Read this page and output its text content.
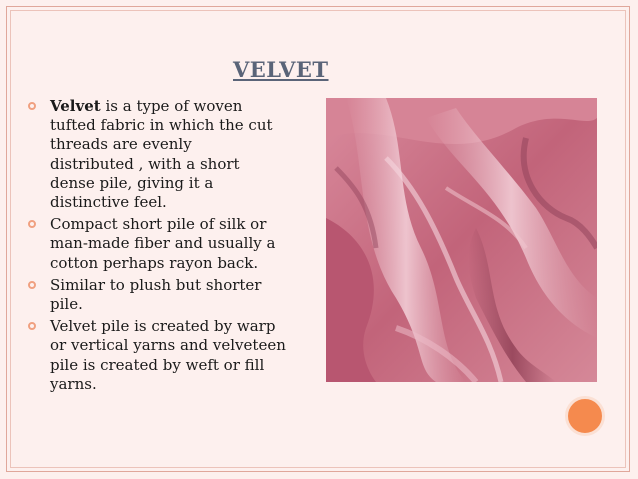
VELVET
Velvet is a type of woven tufted fabric in which the cut threads are evenly distributed , with a short dense pile, giving it a distinctive feel.
Compact short pile of silk or man-made fiber and usually a cotton perhaps rayon back.
Similar to plush but shorter pile.
Velvet pile is created by warp or vertical yarns and velveteen pile is created by weft or fill yarns.
